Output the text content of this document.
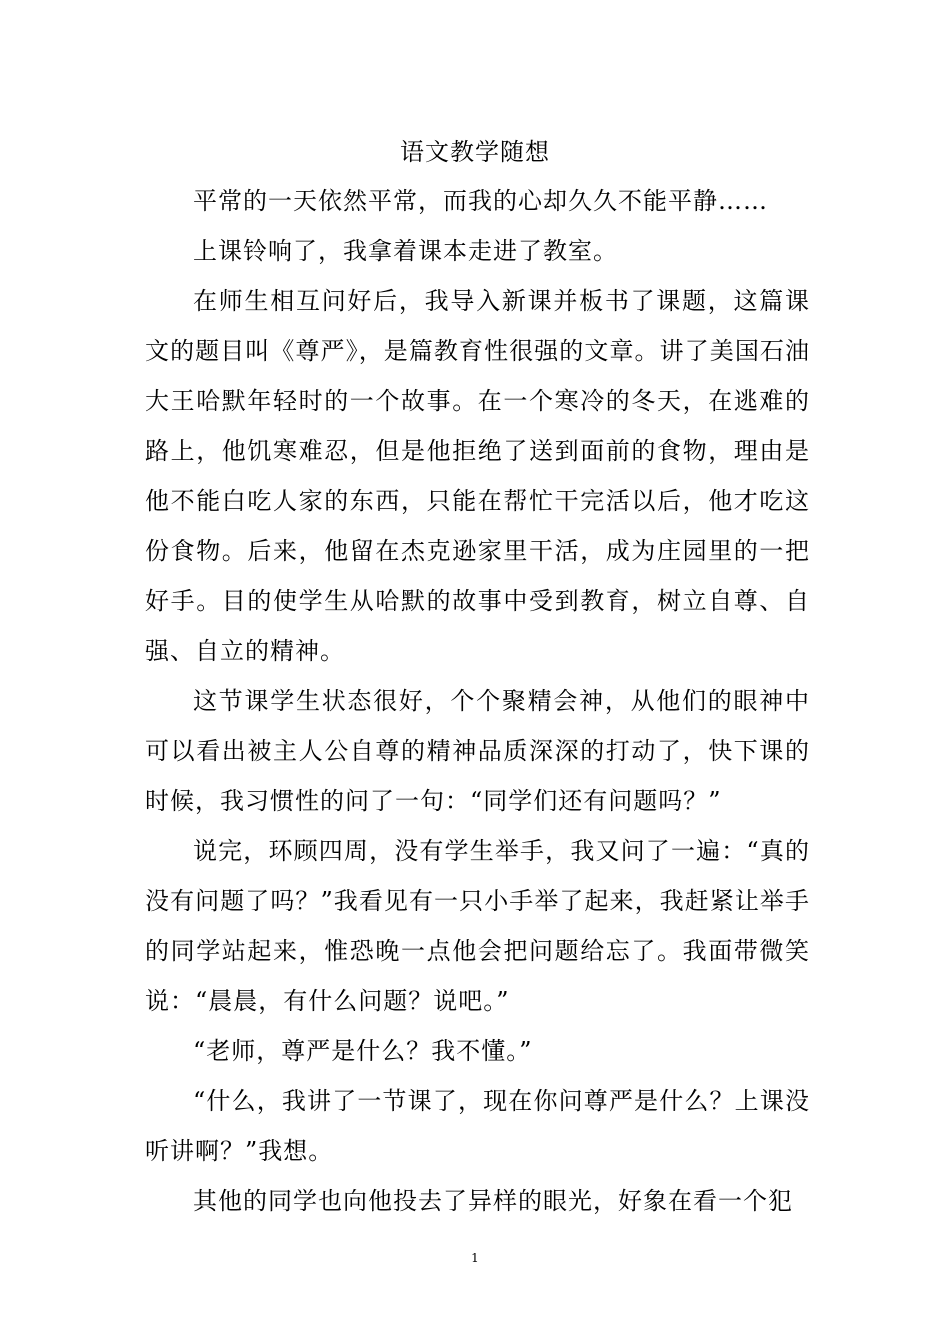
语文教学随想

平常的一天依然平常，而我的心却久久不能平静……

上课铃响了，我拿着课本走进了教室。

在师生相互问好后，我导入新课并板书了课题，这篇课文的题目叫《尊严》，是篇教育性很强的文章。讲了美国石油大王哈默年轻时的一个故事。在一个寒冷的冬天，在逃难的路上，他饥寒难忍，但是他拒绝了送到面前的食物，理由是他不能白吃人家的东西，只能在帮忙干完活以后，他才吃这份食物。后来，他留在杰克逊家里干活，成为庄园里的一把好手。目的使学生从哈默的故事中受到教育，树立自尊、自强、自立的精神。

这节课学生状态很好，个个聚精会神，从他们的眼神中可以看出被主人公自尊的精神品质深深的打动了，快下课的时候，我习惯性的问了一句：“同学们还有问题吗？”

说完，环顾四周，没有学生举手，我又问了一遍：“真的没有问题了吗？”我看见有一只小手举了起来，我赶紧让举手的同学站起来，惟恐晚一点他会把问题给忘了。我面带微笑说：“晨晨，有什么问题？说吧。”

“老师，尊严是什么？我不懂。”

“什么，我讲了一节课了，现在你问尊严是什么？上课没听讲啊？”我想。

其他的同学也向他投去了异样的眼光，好象在看一个犯

1
